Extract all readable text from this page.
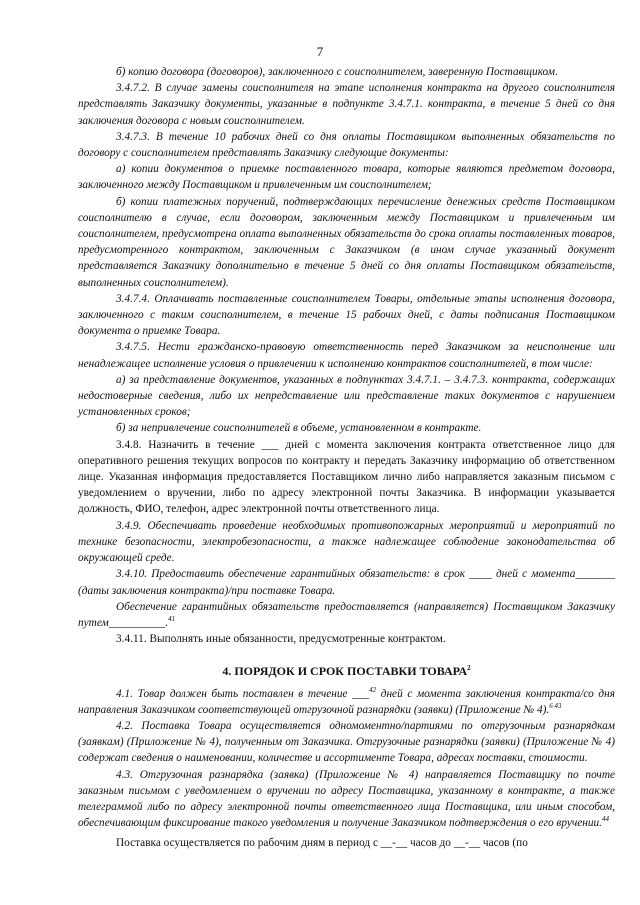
7

б) копию договора (договоров), заключенного с соисполнителем, заверенную Поставщиком.

3.4.7.2. В случае замены соисполнителя на этапе исполнения контракта на другого соисполнителя представлять Заказчику документы, указанные в подпункте 3.4.7.1. контракта, в течение 5 дней со дня заключения договора с новым соисполнителем.

3.4.7.3. В течение 10 рабочих дней со дня оплаты Поставщиком выполненных обязательств по договору с соисполнителем представлять Заказчику следующие документы:

а) копии документов о приемке поставленного товара, которые являются предметом договора, заключенного между Поставщиком и привлеченным им соисполнителем;

б) копии платежных поручений, подтверждающих перечисление денежных средств Поставщиком соисполнителю в случае, если договором, заключенным между Поставщиком и привлеченным им соисполнителем, предусмотрена оплата выполненных обязательств до срока оплаты поставленных товаров, предусмотренного контрактом, заключенным с Заказчиком (в ином случае указанный документ представляется Заказчику дополнительно в течение 5 дней со дня оплаты Поставщиком обязательств, выполненных соисполнителем).

3.4.7.4. Оплачивать поставленные соисполнителем Товары, отдельные этапы исполнения договора, заключенного с таким соисполнителем, в течение 15 рабочих дней, с даты подписания Поставщиком документа о приемке Товара.

3.4.7.5. Нести гражданско-правовую ответственность перед Заказчиком за неисполнение или ненадлежащее исполнение условия о привлечении к исполнению контрактов соисполнителей, в том числе:

а) за представление документов, указанных в подпунктах 3.4.7.1. – 3.4.7.3. контракта, содержащих недостоверные сведения, либо их непредставление или представление таких документов с нарушением установленных сроков;

б) за непривлечение соисполнителей в объеме, установленном в контракте.

3.4.8. Назначить в течение ___ дней с момента заключения контракта ответственное лицо для оперативного решения текущих вопросов по контракту и передать Заказчику информацию об ответственном лице. Указанная информация предоставляется Поставщиком лично либо направляется заказным письмом с уведомлением о вручении, либо по адресу электронной почты Заказчика. В информации указывается должность, ФИО, телефон, адрес электронной почты ответственного лица.

3.4.9. Обеспечивать проведение необходимых противопожарных мероприятий и мероприятий по технике безопасности, электробезопасности, а также надлежащее соблюдение законодательства об окружающей среде.

3.4.10. Предоставить обеспечение гарантийных обязательств: в срок ____ дней с момента_______ (даты заключения контракта)/при поставке Товара.

Обеспечение гарантийных обязательств предоставляется (направляется) Поставщиком Заказчику путем__________.$^{41}$

3.4.11. Выполнять иные обязанности, предусмотренные контрактом.

4. ПОРЯДОК И СРОК ПОСТАВКИ ТОВАРА$^2$

4.1. Товар должен быть поставлен в течение ___$^{42}$ дней с момента заключения контракта/со дня направления Заказчиком соответствующей отгрузочной разнарядки (заявки) (Приложение № 4).$^{6 43}$

4.2. Поставка Товара осуществляется одномоментно/партиями по отгрузочным разнарядкам (заявкам) (Приложение № 4), полученным от Заказчика. Отгрузочные разнарядки (заявки) (Приложение № 4) содержат сведения о наименовании, количестве и ассортименте Товара, адресах поставки, стоимости.

4.3. Отгрузочная разнарядка (заявка) (Приложение № 4) направляется Поставщику по почте заказным письмом с уведомлением о вручении по адресу Поставщика, указанному в контракте, а также телеграммой либо по адресу электронной почты ответственного лица Поставщика, или иным способом, обеспечивающим фиксирование такого уведомления и получение Заказчиком подтверждения о его вручении.$^{44}$

Поставка осуществляется по рабочим дням в период с __-__ часов до __-__ часов (по
